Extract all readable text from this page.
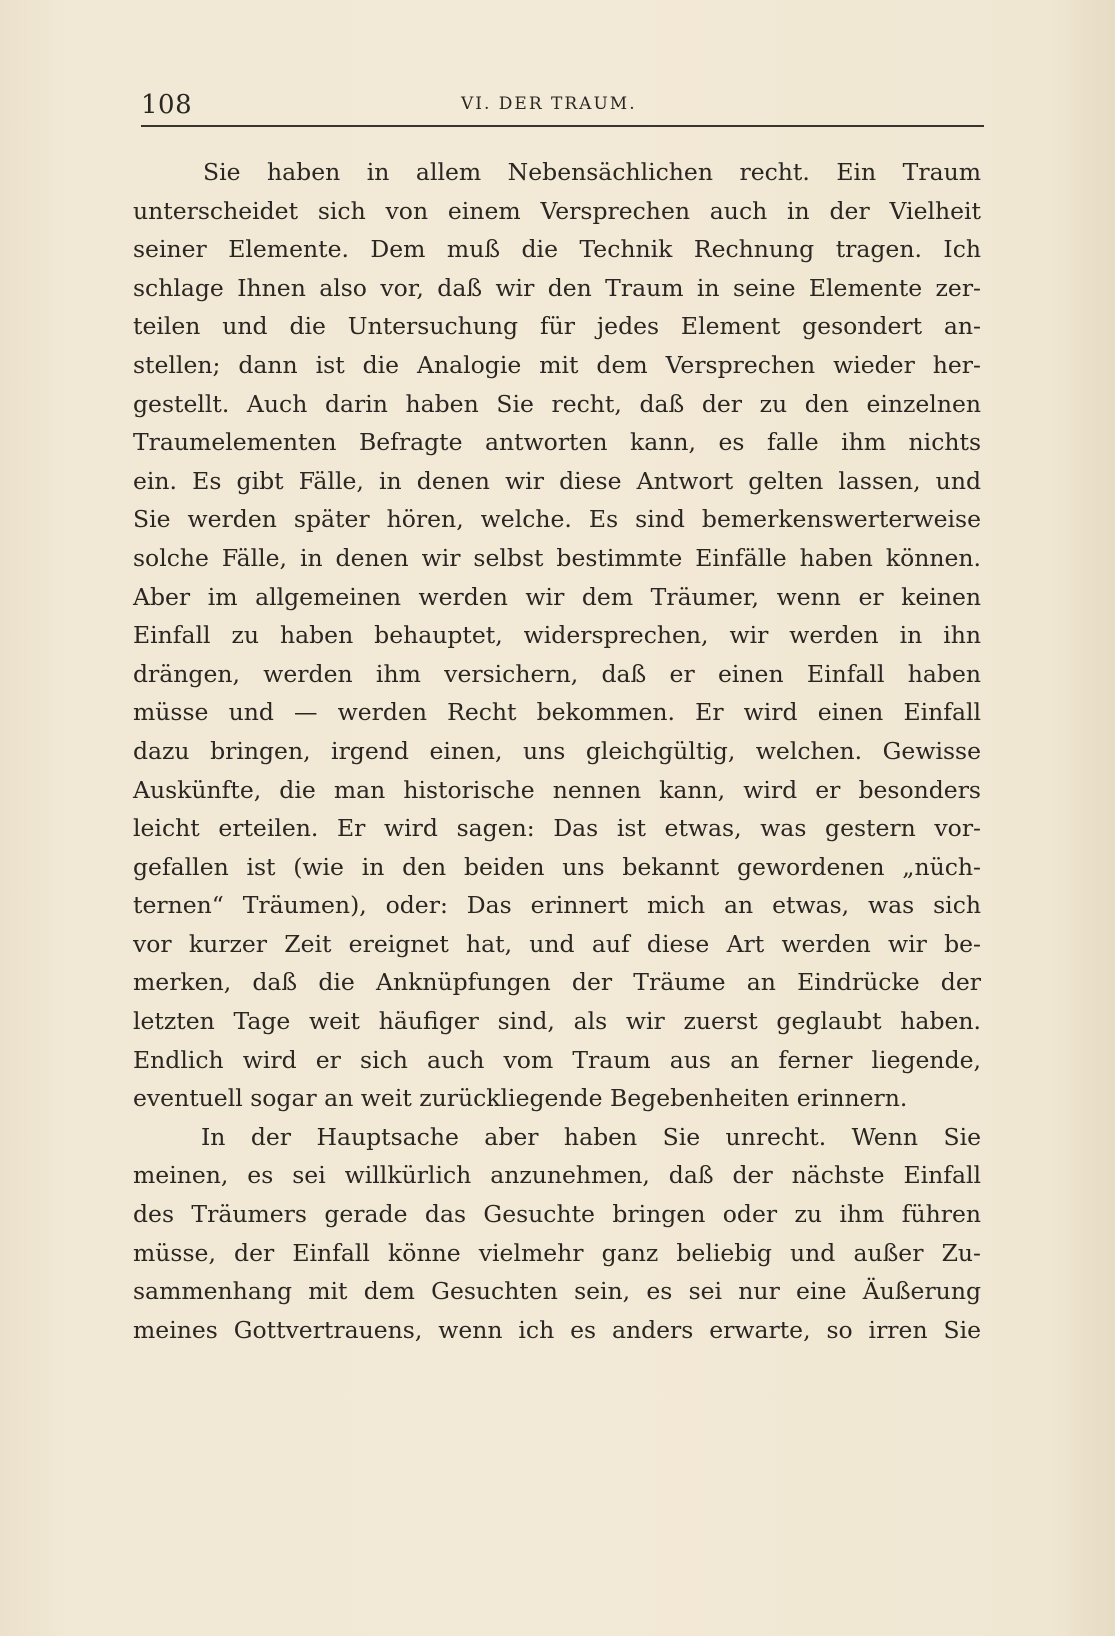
108	VI. DER TRAUM.
Sie haben in allem Nebensächlichen recht. Ein Traum
unterscheidet sich von einem Versprechen auch in der Vielheit
seiner Elemente. Dem muß die Technik Rechnung tragen. Ich
schlage Ihnen also vor, daß wir den Traum in seine Elemente zer-
teilen und die Untersuchung für jedes Element gesondert an-
stellen; dann ist die Analogie mit dem Versprechen wieder her-
gestellt. Auch darin haben Sie recht, daß der zu den einzelnen
Traumelementen Befragte antworten kann, es falle ihm nichts
ein. Es gibt Fälle, in denen wir diese Antwort gelten lassen, und
Sie werden später hören, welche. Es sind bemerkenswerterweise
solche Fälle, in denen wir selbst bestimmte Einfälle haben können.
Aber im allgemeinen werden wir dem Träumer, wenn er keinen
Einfall zu haben behauptet, widersprechen, wir werden in ihn
drängen, werden ihm versichern, daß er einen Einfall haben
müsse und — werden Recht bekommen. Er wird einen Einfall
dazu bringen, irgend einen, uns gleichgültig, welchen. Gewisse
Auskünfte, die man historische nennen kann, wird er besonders
leicht erteilen. Er wird sagen: Das ist etwas, was gestern vor-
gefallen ist (wie in den beiden uns bekannt gewordenen „nüch-
ternen“ Träumen), oder: Das erinnert mich an etwas, was sich
vor kurzer Zeit ereignet hat, und auf diese Art werden wir be-
merken, daß die Anknüpfungen der Träume an Eindrücke der
letzten Tage weit häufiger sind, als wir zuerst geglaubt haben.
Endlich wird er sich auch vom Traum aus an ferner liegende,
eventuell sogar an weit zurückliegende Begebenheiten erinnern.
In der Hauptsache aber haben Sie unrecht. Wenn Sie
meinen, es sei willkürlich anzunehmen, daß der nächste Einfall
des Träumers gerade das Gesuchte bringen oder zu ihm führen
müsse, der Einfall könne vielmehr ganz beliebig und außer Zu-
sammenhang mit dem Gesuchten sein, es sei nur eine Äußerung
meines Gottvertrauens, wenn ich es anders erwarte, so irren Sie
